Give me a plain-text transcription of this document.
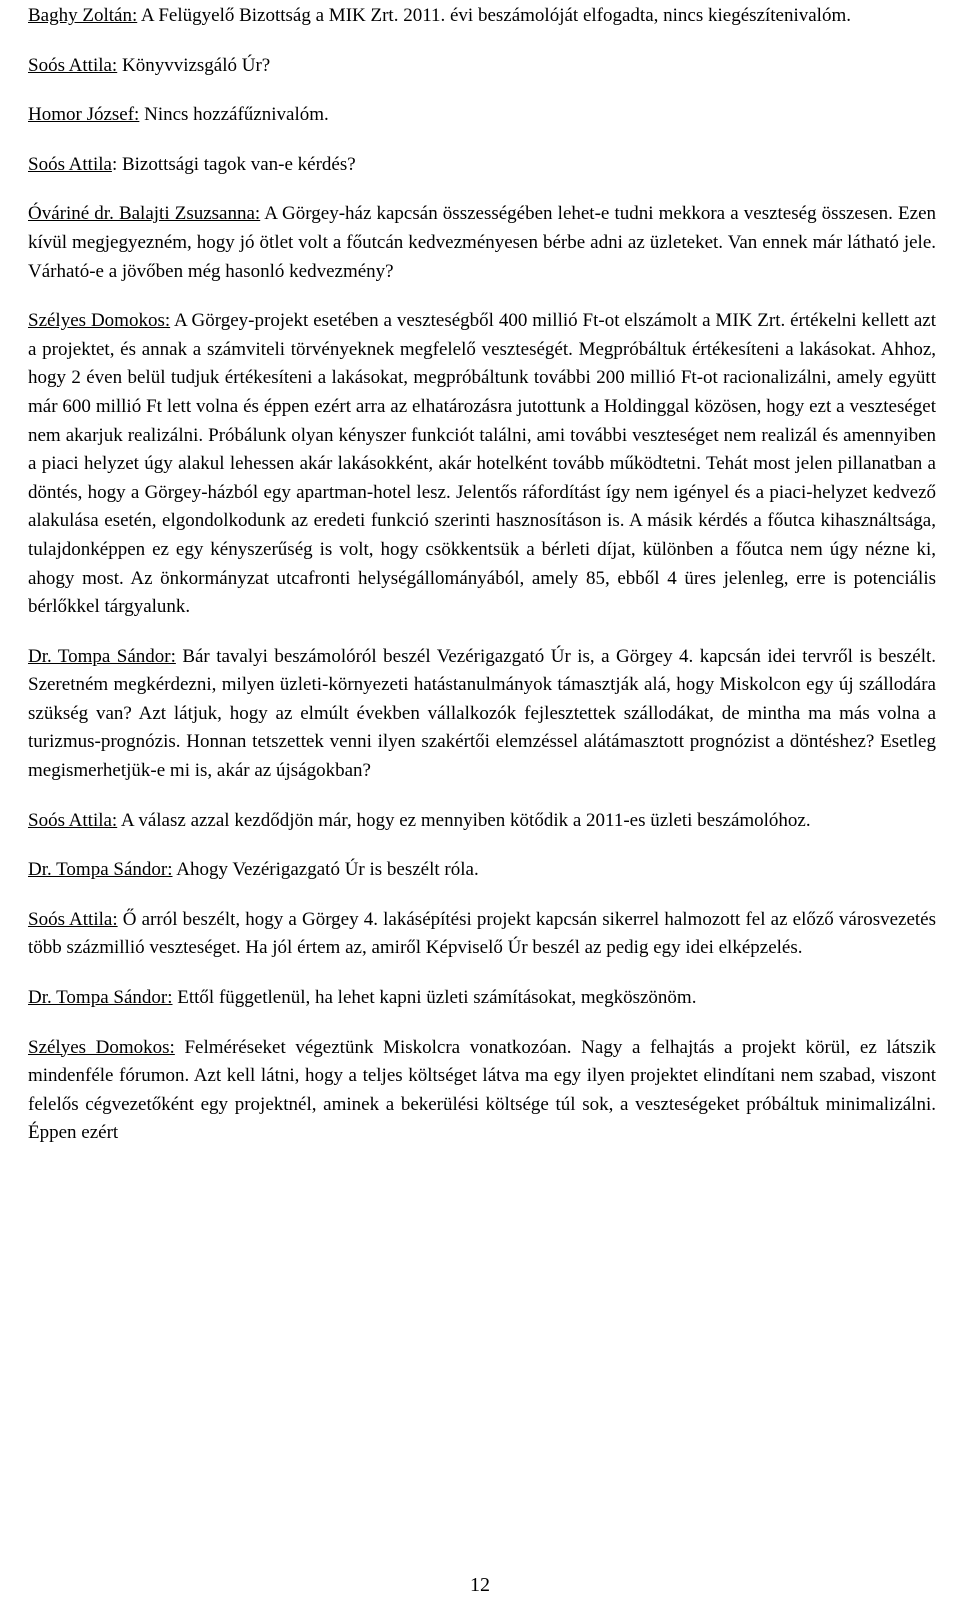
Baghy Zoltán: A Felügyelő Bizottság a MIK Zrt. 2011. évi beszámolóját elfogadta, nincs kiegészítenivalóm.

Soós Attila: Könyvvizsgáló Úr?

Homor József: Nincs hozzáfűznivalóm.

Soós Attila: Bizottsági tagok van-e kérdés?

Óváriné dr. Balajti Zsuzsanna: A Görgey-ház kapcsán összességében lehet-e tudni mekkora a veszteség összesen. Ezen kívül megjegyezném, hogy jó ötlet volt a főutcán kedvezményesen bérbe adni az üzleteket. Van ennek már látható jele. Várható-e a jövőben még hasonló kedvezmény?

Szélyes Domokos: A Görgey-projekt esetében a veszteségből 400 millió Ft-ot elszámolt a MIK Zrt. értékelni kellett azt a projektet, és annak a számviteli törvényeknek megfelelő veszteségét. Megpróbáltuk értékesíteni a lakásokat. Ahhoz, hogy 2 éven belül tudjuk értékesíteni a lakásokat, megpróbáltunk további 200 millió Ft-ot racionalizálni, amely együtt már 600 millió Ft lett volna és éppen ezért arra az elhatározásra jutottunk a Holdinggal közösen, hogy ezt a veszteséget nem akarjuk realizálni. Próbálunk olyan kényszer funkciót találni, ami további veszteséget nem realizál és amennyiben a piaci helyzet úgy alakul lehessen akár lakásokként, akár hotelként tovább működtetni. Tehát most jelen pillanatban a döntés, hogy a Görgey-házból egy apartman-hotel lesz. Jelentős ráfordítást így nem igényel és a piaci-helyzet kedvező alakulása esetén, elgondolkodunk az eredeti funkció szerinti hasznosításon is. A másik kérdés a főutca kihasználtsága, tulajdonképpen ez egy kényszerűség is volt, hogy csökkentsük a bérleti díjat, különben a főutca nem úgy nézne ki, ahogy most. Az önkormányzat utcafronti helységállományából, amely 85, ebből 4 üres jelenleg, erre is potenciális bérlőkkel tárgyalunk.

Dr. Tompa Sándor: Bár tavalyi beszámolóról beszél Vezérigazgató Úr is, a Görgey 4. kapcsán idei tervről is beszélt. Szeretném megkérdezni, milyen üzleti-környezeti hatástanulmányok támasztják alá, hogy Miskolcon egy új szállodára szükség van? Azt látjuk, hogy az elmúlt években vállalkozók fejlesztettek szállodákat, de mintha ma más volna a turizmus-prognózis. Honnan tetszettek venni ilyen szakértői elemzéssel alátámasztott prognózist a döntéshez? Esetleg megismerhetjük-e mi is, akár az újságokban?

Soós Attila: A válasz azzal kezdődjön már, hogy ez mennyiben kötődik a 2011-es üzleti beszámolóhoz.

Dr. Tompa Sándor: Ahogy Vezérigazgató Úr is beszélt róla.

Soós Attila: Ő arról beszélt, hogy a Görgey 4. lakásépítési projekt kapcsán sikerrel halmozott fel az előző városvezetés több százmillió veszteséget. Ha jól értem az, amiről Képviselő Úr beszél az pedig egy idei elképzelés.

Dr. Tompa Sándor: Ettől függetlenül, ha lehet kapni üzleti számításokat, megköszönöm.

Szélyes Domokos: Felméréseket végeztünk Miskolcra vonatkozóan. Nagy a felhajtás a projekt körül, ez látszik mindenféle fórumon. Azt kell látni, hogy a teljes költséget látva ma egy ilyen projektet elindítani nem szabad, viszont felelős cégvezetőként egy projektnél, aminek a bekerülési költsége túl sok, a veszteségeket próbáltuk minimalizálni. Éppen ezért

12
